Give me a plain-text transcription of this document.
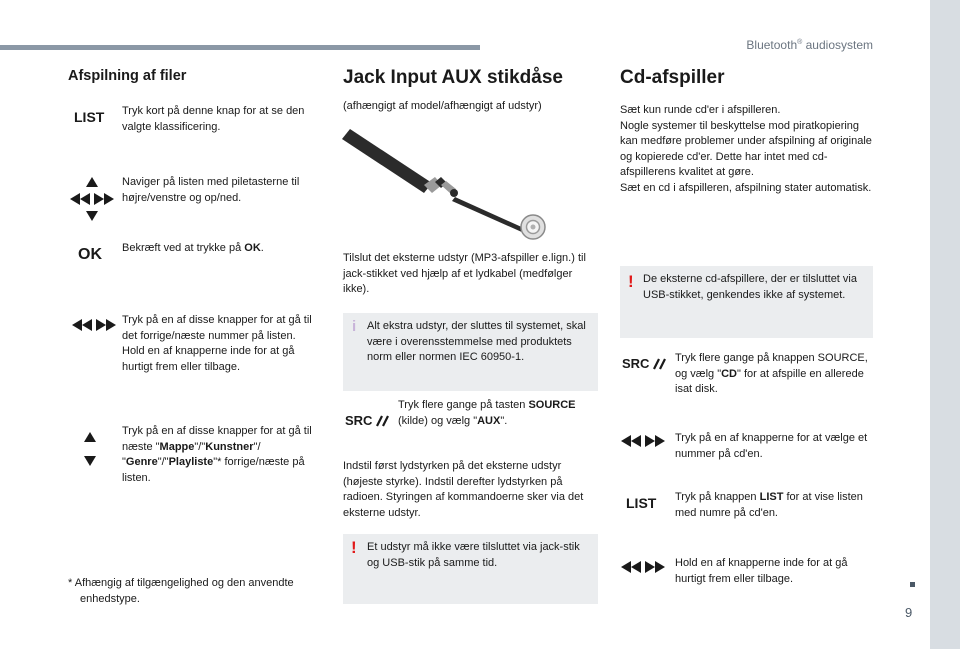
Bluetooth® audiosystem
9
Afspilning af filer
LIST Tryk kort på denne knap for at se den valgte klassificering.
Naviger på listen med piletasterne til højre/venstre og op/ned.
OK Bekræft ved at trykke på OK.
Tryk på en af disse knapper for at gå til det forrige/næste nummer på listen.
Hold en af knapperne inde for at gå hurtigt frem eller tilbage.
Tryk på en af disse knapper for at gå til næste "Mappe"/"Kunstner"/ "Genre"/"Playliste"* forrige/næste på listen.
* Afhængig af tilgængelighed og den anvendte enhedstype.
Jack Input AUX stikdåse
(afhængigt af model/afhængigt af udstyr)
Tilslut det eksterne udstyr (MP3-afspiller e.lign.) til jack-stikket ved hjælp af et lydkabel (medfølger ikke).
i Alt ekstra udstyr, der sluttes til systemet, skal være i overensstemmelse med produktets norm eller normen IEC 60950-1.
SRC
Tryk flere gange på tasten SOURCE (kilde) og vælg "AUX".
Indstil først lydstyrken på det eksterne udstyr (højeste styrke). Indstil derefter lydstyrken på radioen. Styringen af kommandoerne sker via det eksterne udstyr.
! Et udstyr må ikke være tilsluttet via jack-stik og USB-stik på samme tid.
Cd-afspiller
Sæt kun runde cd'er i afspilleren.
Nogle systemer til beskyttelse mod piratkopiering kan medføre problemer under afspilning af originale og kopierede cd'er. Dette har intet med cd-afspillerens kvalitet at gøre.
Sæt en cd i afspilleren, afspilning stater automatisk.
! De eksterne cd-afspillere, der er tilsluttet via USB-stikket, genkendes ikke af systemet.
SRC	Tryk flere gange på knappen SOURCE, og vælg "CD" for at afspille en allerede isat disk.
Tryk på en af knapperne for at vælge et nummer på cd'en.
LIST Tryk på knappen LIST for at vise listen med numre på cd'en.
Hold en af knapperne inde for at gå hurtigt frem eller tilbage.
